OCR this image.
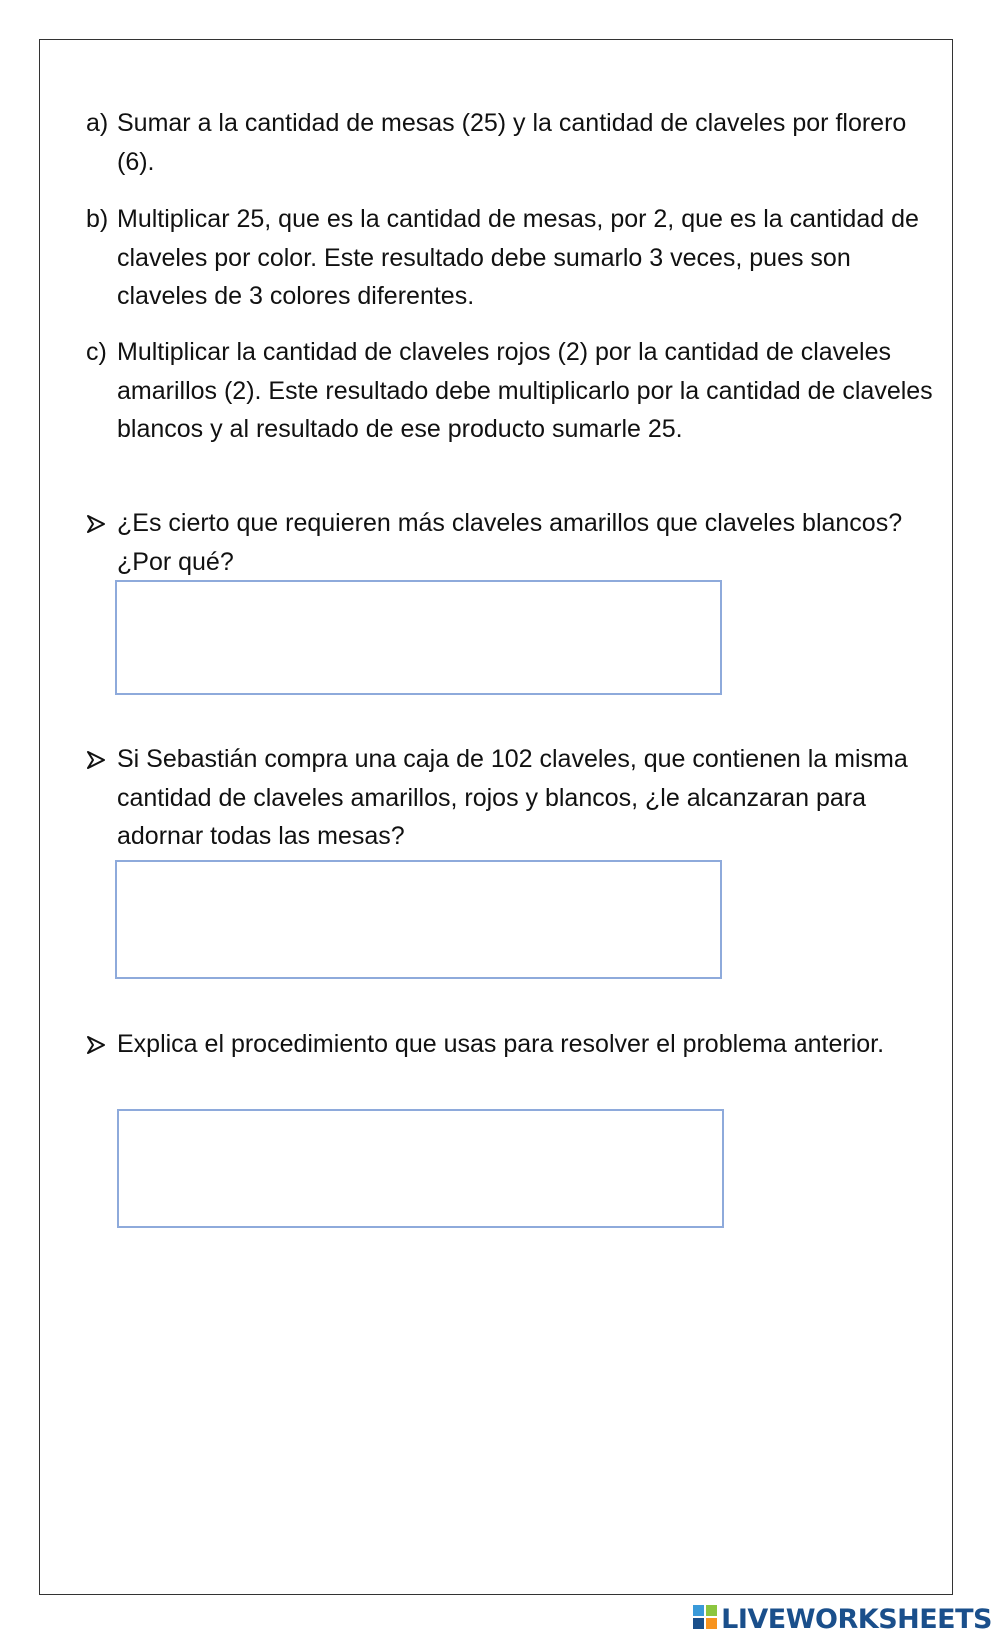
a) Sumar a la cantidad de mesas (25) y la cantidad de claveles por florero (6).
b) Multiplicar 25, que es la cantidad de mesas, por 2, que es la cantidad de claveles por color. Este resultado debe sumarlo 3 veces, pues son claveles de 3 colores diferentes.
c) Multiplicar la cantidad de claveles rojos (2) por la cantidad de claveles amarillos (2). Este resultado debe multiplicarlo por la cantidad de claveles blancos y al resultado de ese producto sumarle 25.
¿Es cierto que requieren más claveles amarillos que claveles blancos? ¿Por qué?
Si Sebastián compra una caja de 102 claveles, que contienen la misma cantidad de claveles amarillos, rojos y blancos, ¿le alcanzaran para adornar todas las mesas?
Explica el procedimiento que usas para resolver el problema anterior.
LIVEWORKSHEETS
